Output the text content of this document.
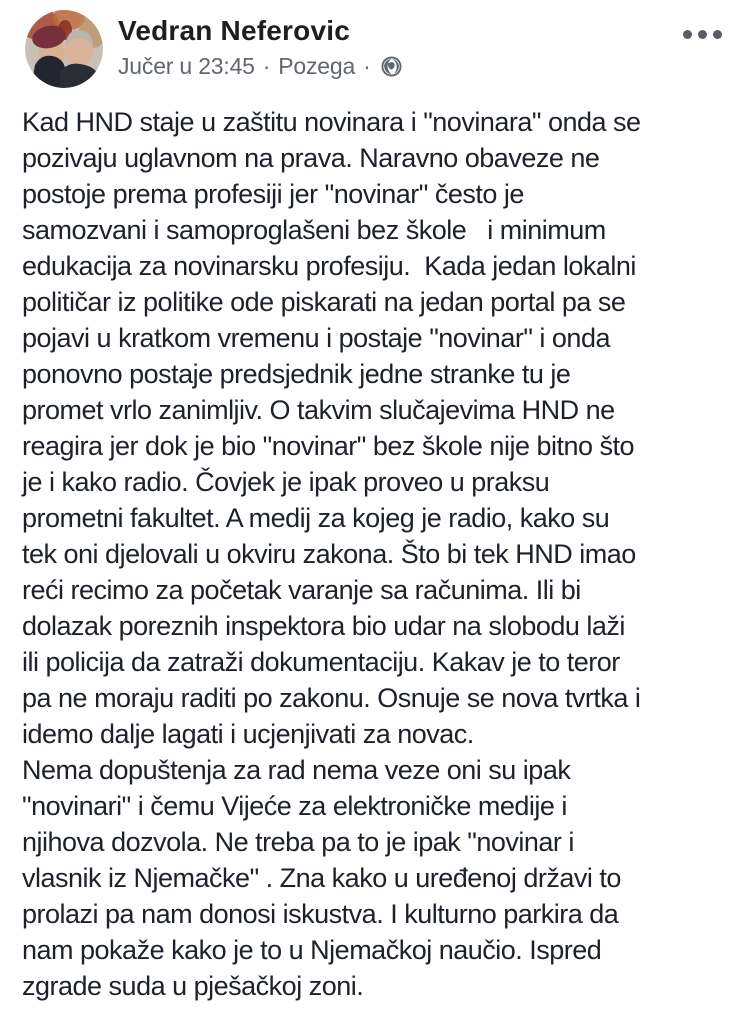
Vedran Neferovic
Jučer u 23:45 · Pozega ·
Kad HND staje u zaštitu novinara i "novinara" onda se
pozivaju uglavnom na prava. Naravno obaveze ne
postoje prema profesiji jer "novinar" često je
samozvani i samoproglašeni bez škole   i minimum
edukacija za novinarsku profesiju.  Kada jedan lokalni
političar iz politike ode piskarati na jedan portal pa se
pojavi u kratkom vremenu i postaje "novinar" i onda
ponovno postaje predsjednik jedne stranke tu je
promet vrlo zanimljiv. O takvim slučajevima HND ne
reagira jer dok je bio "novinar" bez škole nije bitno što
je i kako radio. Čovjek je ipak proveo u praksu
prometni fakultet. A medij za kojeg je radio, kako su
tek oni djelovali u okviru zakona. Što bi tek HND imao
reći recimo za početak varanje sa računima. Ili bi
dolazak poreznih inspektora bio udar na slobodu laži
ili policija da zatraži dokumentaciju. Kakav je to teror
pa ne moraju raditi po zakonu. Osnuje se nova tvrtka i
idemo dalje lagati i ucjenjivati za novac.
Nema dopuštenja za rad nema veze oni su ipak
"novinari" i čemu Vijeće za elektroničke medije i
njihova dozvola. Ne treba pa to je ipak "novinar i
vlasnik iz Njemačke" . Zna kako u uređenoj državi to
prolazi pa nam donosi iskustva. I kulturno parkira da
nam pokaže kako je to u Njemačkoj naučio. Ispred
zgrade suda u pješačkoj zoni.
